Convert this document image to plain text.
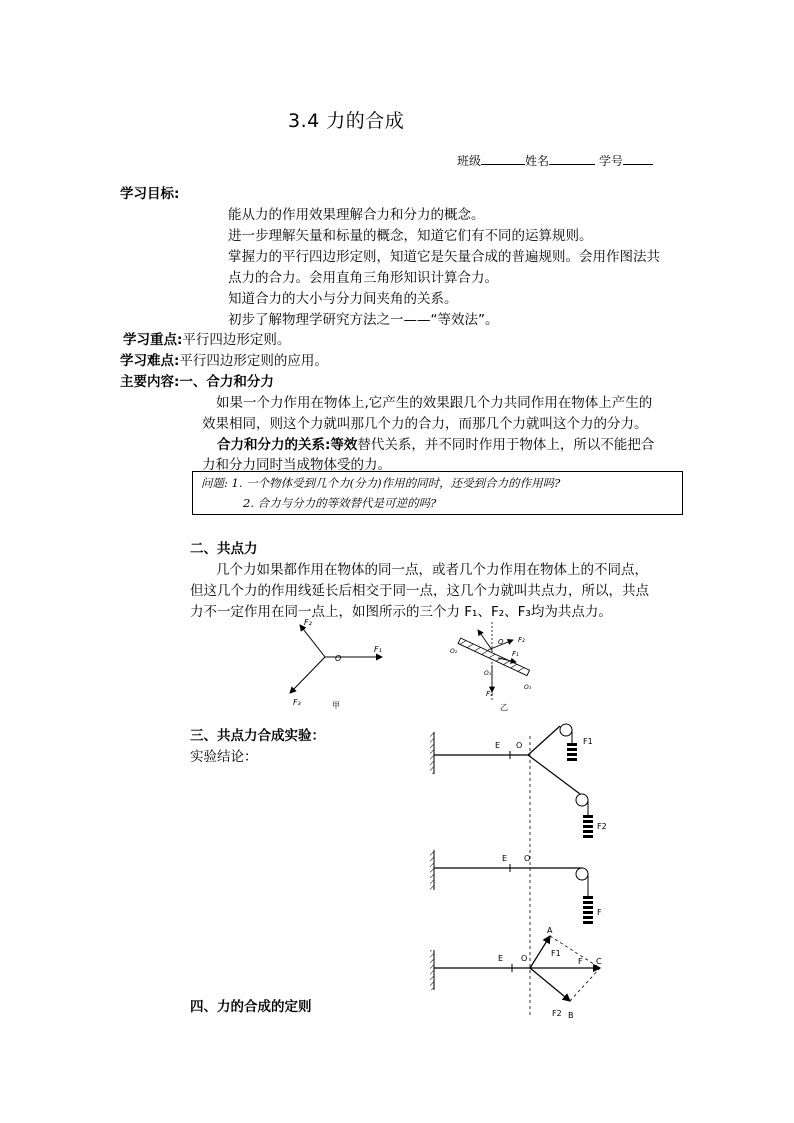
3.4 力的合成
班级	姓名	学号
学习目标:
能从力的作用效果理解合力和分力的概念。
进一步理解矢量和标量的概念，知道它们有不同的运算规则。
掌握力的平行四边形定则，知道它是矢量合成的普遍规则。会用作图法共
点力的合力。会用直角三角形知识计算合力。
知道合力的大小与分力间夹角的关系。
初步了解物理学研究方法之一——“等效法”。
学习重点:平行四边形定则。
学习难点:平行四边形定则的应用。
主要内容:一、合力和分力
如果一个力作用在物体上,它产生的效果跟几个力共同作用在物体上产生的
效果相同，则这个力就叫那几个力的合力，而那几个力就叫这个力的分力。
合力和分力的关系:等效替代关系，并不同时作用于物体上，所以不能把合
力和分力同时当成物体受的力。
问题: 1. 一个物体受到几个力(分力)作用的同时，还受到合力的作用吗?
2. 合力与分力的等效替代是可逆的吗?
二、共点力
几个力如果都作用在物体的同一点，或者几个力作用在物体上的不同点，
但这几个力的作用线延长后相交于同一点，这几个力就叫共点力，所以，共点
力不一定作用在同一点上，如图所示的三个力 F₁、F₂、F₃均为共点力。
F₁
F₂
F₃
O
甲
F₂
F₁
F₃
O
O₁
O₂
O₃
乙
三、共点力合成实验：
实验结论：
E O	F1
F2
E O
F
E O
A
F1
F C
F2 B
四、力的合成的定则
